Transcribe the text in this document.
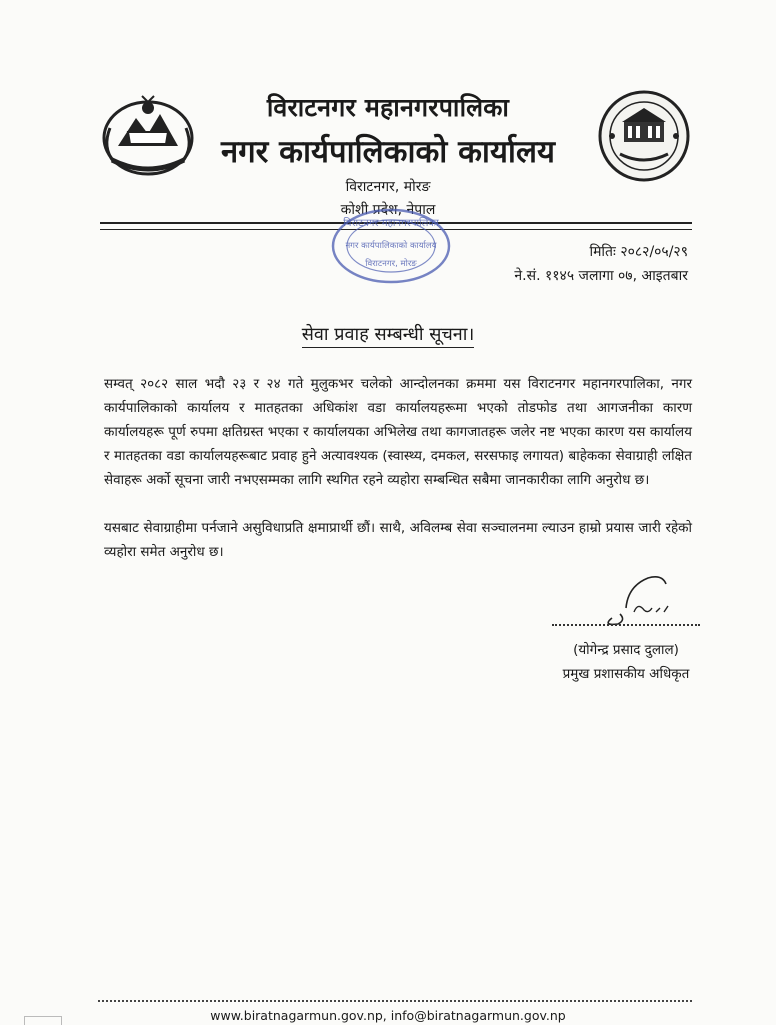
विराटनगर महानगरपालिका
नगर कार्यपालिकाको कार्यालय
विराटनगर, मोरङ
कोशी प्रदेश, नेपाल
विराटनगर महानगरपालिका
नगर कार्यपालिकाको कार्यालय
विराटनगर, मोरङ
मितिः २०८२/०५/२९
ने.सं. ११४५ जलागा ०७, आइतबार
सेवा प्रवाह सम्बन्धी सूचना।
सम्वत् २०८२ साल भदौ २३ र २४ गते मुलुकभर चलेको आन्दोलनका क्रममा यस विराटनगर महानगरपालिका, नगर कार्यपालिकाको कार्यालय र मातहतका अधिकांश वडा कार्यालयहरूमा भएको तोडफोड तथा आगजनीका कारण कार्यालयहरू पूर्ण रुपमा क्षतिग्रस्त भएका र कार्यालयका अभिलेख तथा कागजातहरू जलेर नष्ट भएका कारण यस कार्यालय र मातहतका वडा कार्यालयहरूबाट प्रवाह हुने अत्यावश्यक (स्वास्थ्य, दमकल, सरसफाइ लगायत) बाहेकका सेवाग्राही लक्षित सेवाहरू अर्को सूचना जारी नभएसम्मका लागि स्थगित रहने व्यहोरा सम्बन्धित सबैमा जानकारीका लागि अनुरोध छ।
यसबाट सेवाग्राहीमा पर्नजाने असुविधाप्रति क्षमाप्रार्थी छौं। साथै, अविलम्ब सेवा सञ्चालनमा ल्याउन हाम्रो प्रयास जारी रहेको व्यहोरा समेत अनुरोध छ।
(योगेन्द्र प्रसाद दुलाल)
प्रमुख प्रशासकीय अधिकृत
www.biratnagarmun.gov.np, info@biratnagarmun.gov.np
